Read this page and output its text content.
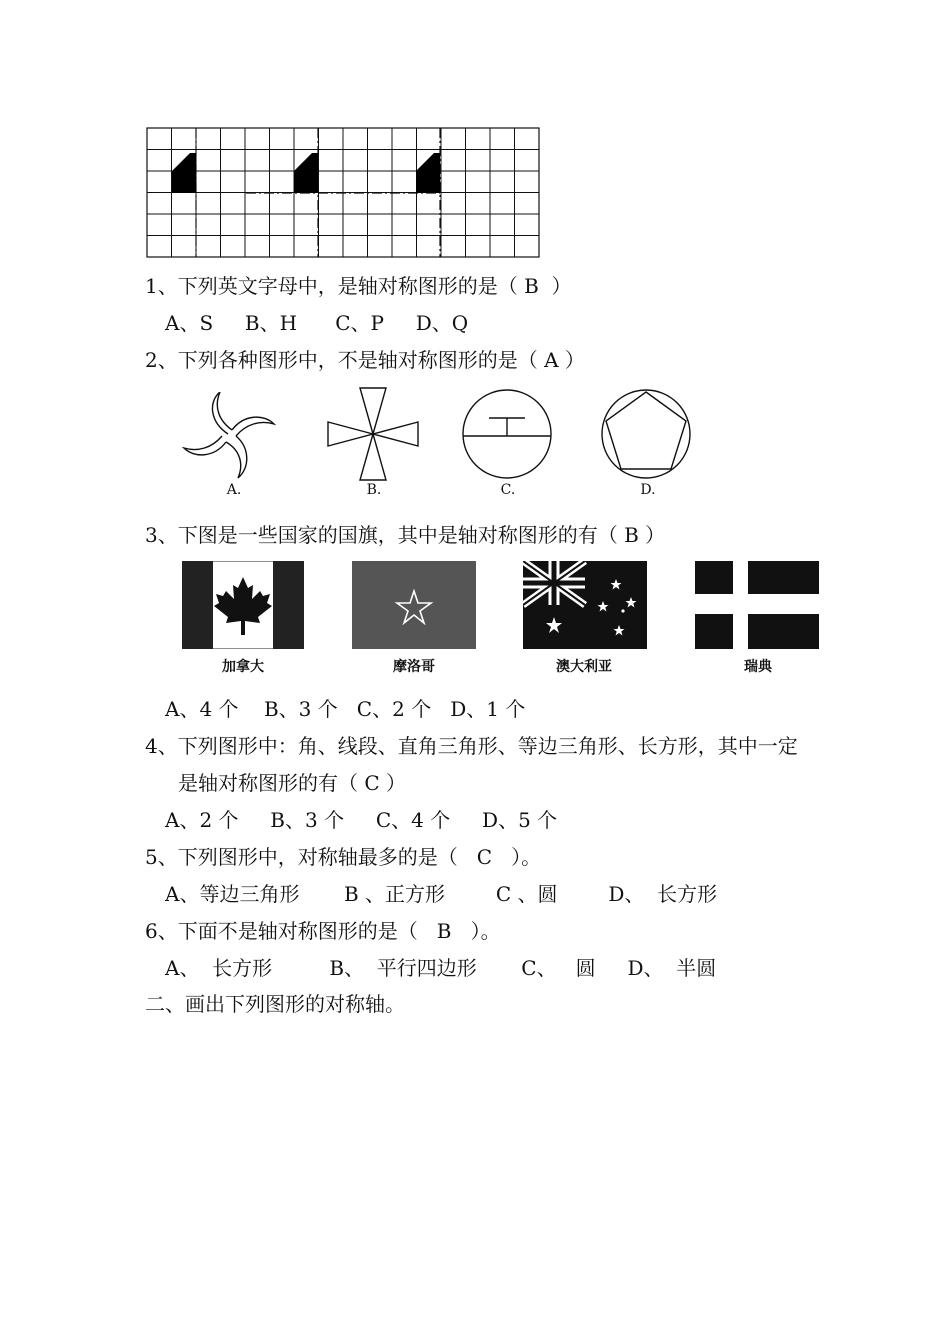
1、下列英文字母中，是轴对称图形的是（ B  ）
A、S     B、H      C、P     D、Q
2、下列各种图形中，不是轴对称图形的是（ A ）
A.	B.	C.	D.
3、下图是一些国家的国旗，其中是轴对称图形的有（ B ）
加拿大	摩洛哥	澳大利亚	瑞典
A、4 个    B、3 个   C、2 个   D、1 个
4、下列图形中：角、线段、直角三角形、等边三角形、长方形，其中一定
是轴对称图形的有（ C ）
A、2 个     B、3 个     C、4 个     D、5 个
5、下列图形中，对称轴最多的是（   C   ）。
A、等边三角形       B 、正方形        C 、圆        D、  长方形
6、下面不是轴对称图形的是（   B   ）。
A、  长方形         B、  平行四边形       C、   圆     D、  半圆
二、画出下列图形的对称轴。
